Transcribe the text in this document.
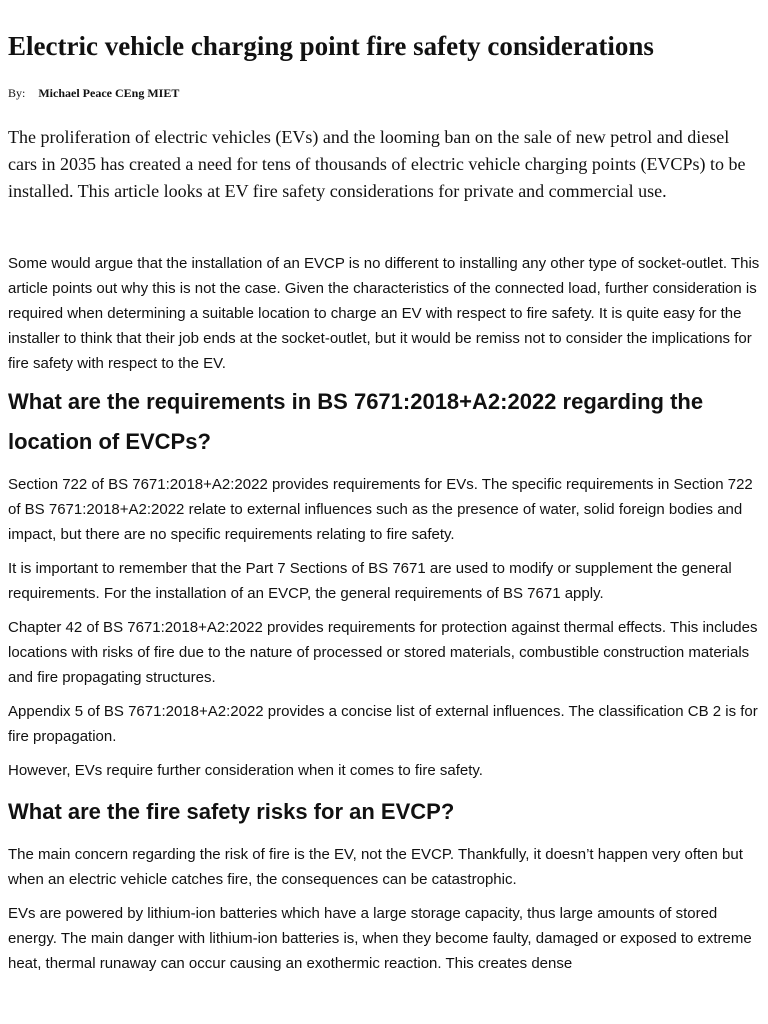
Electric vehicle charging point fire safety considerations
By: Michael Peace CEng MIET

The proliferation of electric vehicles (EVs) and the looming ban on the sale of new petrol and diesel cars in 2035 has created a need for tens of thousands of electric vehicle charging points (EVCPs) to be installed. This article looks at EV fire safety considerations for private and commercial use.

Some would argue that the installation of an EVCP is no different to installing any other type of socket-outlet. This article points out why this is not the case. Given the characteristics of the connected load, further consideration is required when determining a suitable location to charge an EV with respect to fire safety. It is quite easy for the installer to think that their job ends at the socket-outlet, but it would be remiss not to consider the implications for fire safety with respect to the EV.

What are the requirements in BS 7671:2018+A2:2022 regarding the location of EVCPs?

Section 722 of BS 7671:2018+A2:2022 provides requirements for EVs. The specific requirements in Section 722 of BS 7671:2018+A2:2022 relate to external influences such as the presence of water, solid foreign bodies and impact, but there are no specific requirements relating to fire safety.

It is important to remember that the Part 7 Sections of BS 7671 are used to modify or supplement the general requirements. For the installation of an EVCP, the general requirements of BS 7671 apply.

Chapter 42 of BS 7671:2018+A2:2022 provides requirements for protection against thermal effects. This includes locations with risks of fire due to the nature of processed or stored materials, combustible construction materials and fire propagating structures.

Appendix 5 of BS 7671:2018+A2:2022 provides a concise list of external influences. The classification CB 2 is for fire propagation.

However, EVs require further consideration when it comes to fire safety.

What are the fire safety risks for an EVCP?

The main concern regarding the risk of fire is the EV, not the EVCP. Thankfully, it doesn’t happen very often but when an electric vehicle catches fire, the consequences can be catastrophic.

EVs are powered by lithium-ion batteries which have a large storage capacity, thus large amounts of stored energy. The main danger with lithium-ion batteries is, when they become faulty, damaged or exposed to extreme heat, thermal runaway can occur causing an exothermic reaction. This creates dense
